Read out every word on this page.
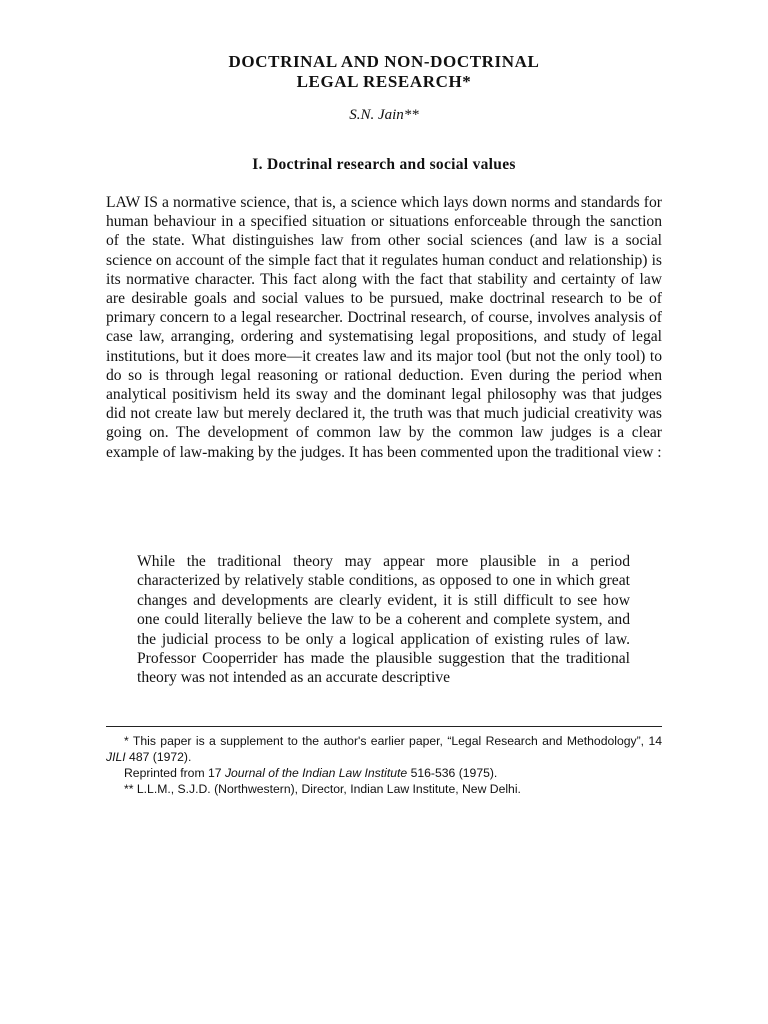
DOCTRINAL AND NON-DOCTRINAL
LEGAL RESEARCH*
S.N. Jain**
I. Doctrinal research and social values

LAW IS a normative science, that is, a science which lays down norms and standards for human behaviour in a specified situation or situations enforceable through the sanction of the state. What distinguishes law from other social sciences (and law is a social science on account of the simple fact that it regulates human conduct and relationship) is its normative character. This fact along with the fact that stability and certainty of law are desirable goals and social values to be pursued, make doctrinal research to be of primary concern to a legal researcher. Doctrinal research, of course, involves analysis of case law, arranging, ordering and systematising legal propositions, and study of legal institutions, but it does more—it creates law and its major tool (but not the only tool) to do so is through legal reasoning or rational deduction. Even during the period when analytical positivism held its sway and the dominant legal philosophy was that judges did not create law but merely declared it, the truth was that much judicial creativity was going on. The development of common law by the common law judges is a clear example of law-making by the judges. It has been commented upon the traditional view :

While the traditional theory may appear more plausible in a period characterized by relatively stable conditions, as opposed to one in which great changes and developments are clearly evident, it is still difficult to see how one could literally believe the law to be a coherent and complete system, and the judicial process to be only a logical application of existing rules of law. Professor Cooperrider has made the plausible suggestion that the traditional theory was not intended as an accurate descriptive

* This paper is a supplement to the author's earlier paper, “Legal Research and Methodology”, 14 JILI 487 (1972).
Reprinted from 17 Journal of the Indian Law Institute 516-536 (1975).
** L.L.M., S.J.D. (Northwestern), Director, Indian Law Institute, New Delhi.
